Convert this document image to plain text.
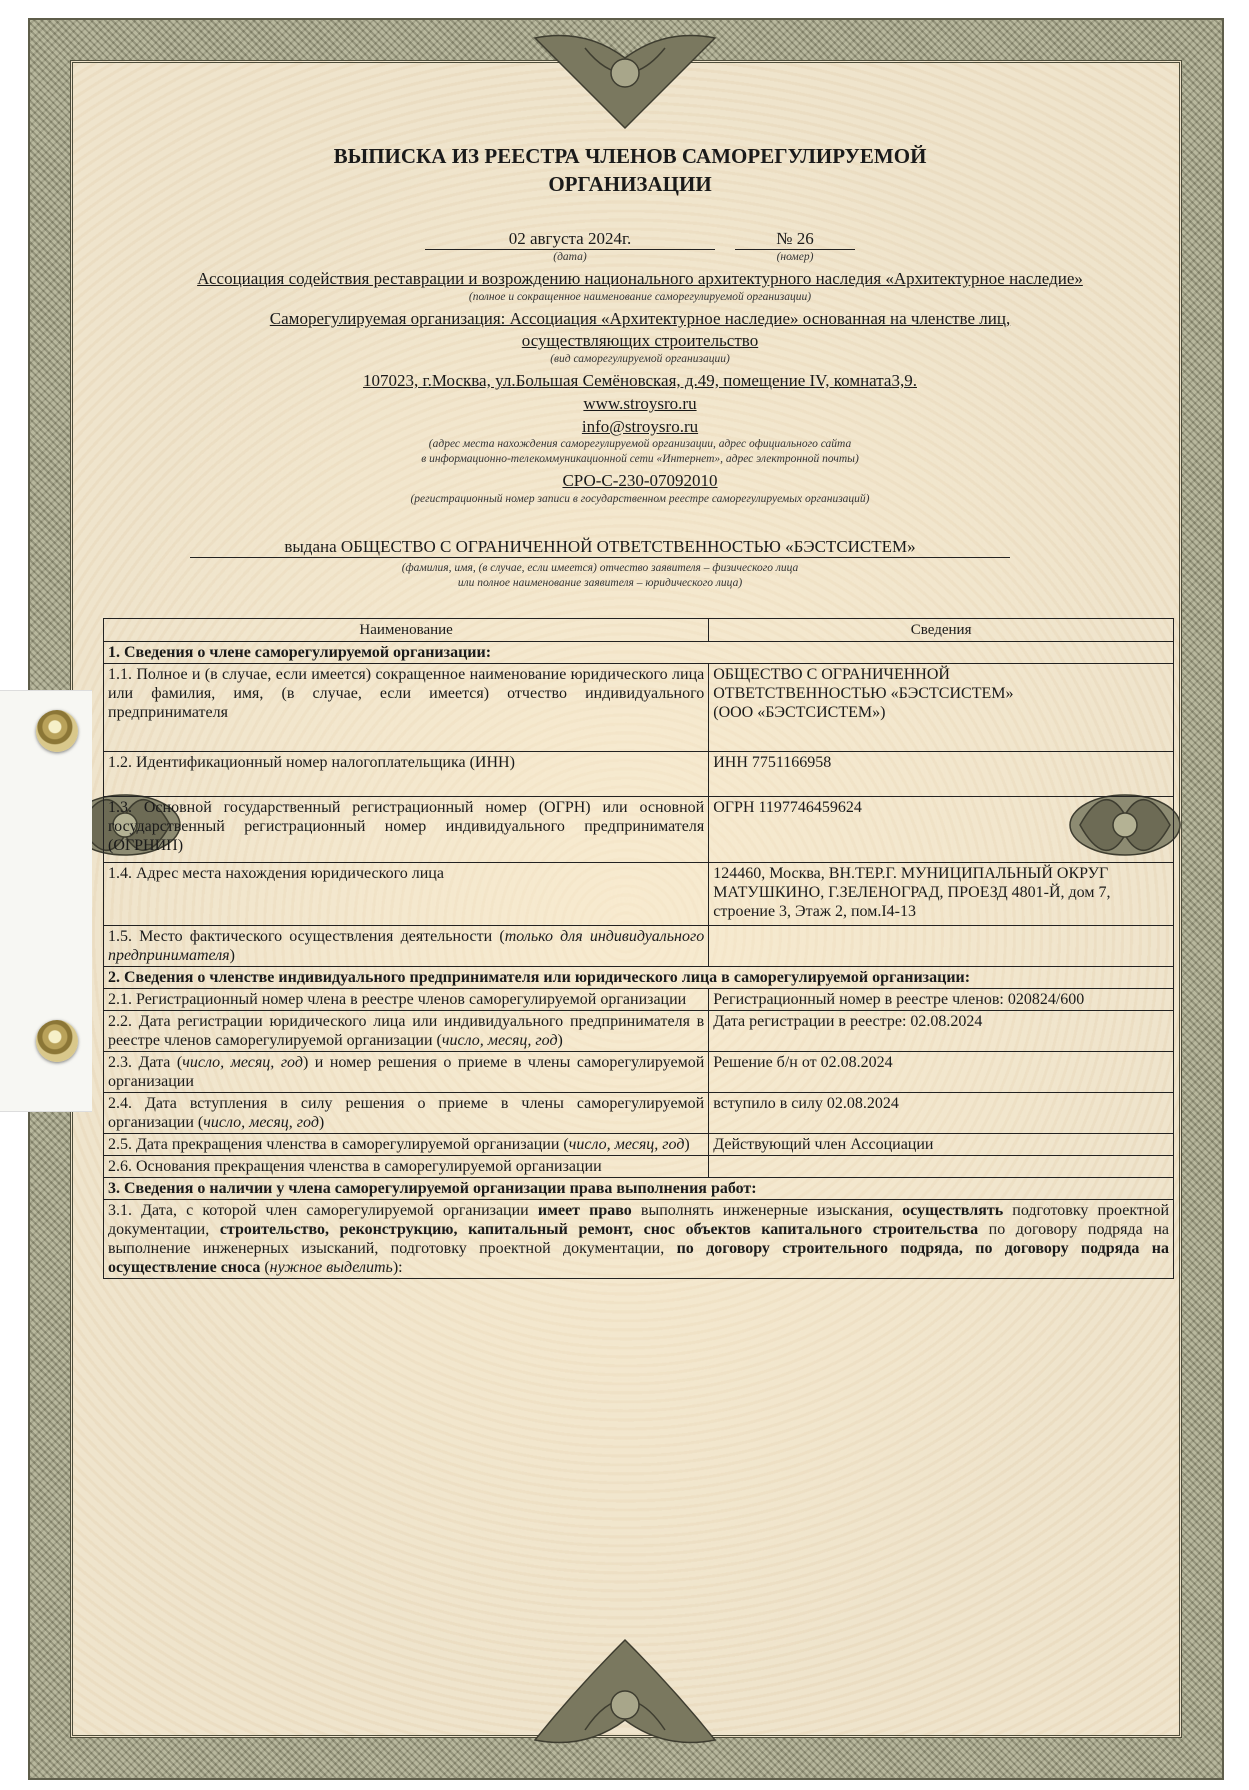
ВЫПИСКА ИЗ РЕЕСТРА ЧЛЕНОВ САМОРЕГУЛИРУЕМОЙ
ОРГАНИЗАЦИИ
02 августа 2024г.
(дата)
№ 26
(номер)
Ассоциация содействия реставрации и возрождению национального архитектурного наследия «Архитектурное наследие»
(полное и сокращенное наименование саморегулируемой организации)
Саморегулируемая организация: Ассоциация «Архитектурное наследие» основанная на членстве лиц,
осуществляющих строительство
(вид саморегулируемой организации)
107023, г.Москва, ул.Большая Семёновская, д.49, помещение IV, комната3,9.
www.stroysro.ru
info@stroysro.ru
(адрес места нахождения саморегулируемой организации, адрес официального сайта
в информационно-телекоммуникационной сети «Интернет», адрес электронной почты)
СРО-С-230-07092010
(регистрационный номер записи в государственном реестре саморегулируемых организаций)
выдана ОБЩЕСТВО С ОГРАНИЧЕННОЙ ОТВЕТСТВЕННОСТЬЮ «БЭСТСИСТЕМ»
(фамилия, имя, (в случае, если имеется) отчество заявителя – физического лица
или полное наименование заявителя – юридического лица)
Наименование	Сведения
1. Сведения о члене саморегулируемой организации:	
1.1. Полное и (в случае, если имеется) сокращенное наименование юридического лица или фамилия, имя, (в случае, если имеется) отчество индивидуального предпринимателя	ОБЩЕСТВО С ОГРАНИЧЕННОЙ
ОТВЕТСТВЕННОСТЬЮ «БЭСТСИСТЕМ»
(ООО «БЭСТСИСТЕМ»)

1.2. Идентификационный номер налогоплательщика (ИНН)	ИНН 7751166958
1.3. Основной государственный регистрационный номер (ОГРН) или основной государственный регистрационный номер индивидуального предпринимателя (ОГРНИП)	ОГРН 1197746459624
1.4. Адрес места нахождения юридического лица	124460, Москва, ВН.ТЕР.Г. МУНИЦИПАЛЬНЫЙ ОКРУГ МАТУШКИНО, Г.ЗЕЛЕНОГРАД, ПРОЕЗД 4801-Й, дом 7, строение 3, Этаж 2, пом.I4-13
1.5. Место фактического осуществления деятельности (только для индивидуального предпринимателя)	
2. Сведения о членстве индивидуального предпринимателя или юридического лица в саморегулируемой организации:	
2.1. Регистрационный номер члена в реестре членов саморегулируемой организации	Регистрационный номер в реестре членов: 020824/600
2.2. Дата регистрации юридического лица или индивидуального предпринимателя в реестре членов саморегулируемой организации (число, месяц, год)	Дата регистрации в реестре: 02.08.2024
2.3. Дата (число, месяц, год) и номер решения о приеме в члены саморегулируемой организации	Решение б/н от 02.08.2024
2.4. Дата вступления в силу решения о приеме в члены саморегулируемой организации (число, месяц, год)	вступило в силу 02.08.2024
2.5. Дата прекращения членства в саморегулируемой организации (число, месяц, год)	Действующий член Ассоциации
2.6. Основания прекращения членства в саморегулируемой организации	
3. Сведения о наличии у члена саморегулируемой организации права выполнения работ:	
3.1. Дата, с которой член саморегулируемой организации имеет право выполнять инженерные изыскания, осуществлять подготовку проектной документации, строительство, реконструкцию, капитальный ремонт, снос объектов капитального строительства по договору подряда на выполнение инженерных изысканий, подготовку проектной документации, по договору строительного подряда, по договору подряда на осуществление сноса (нужное выделить):	
